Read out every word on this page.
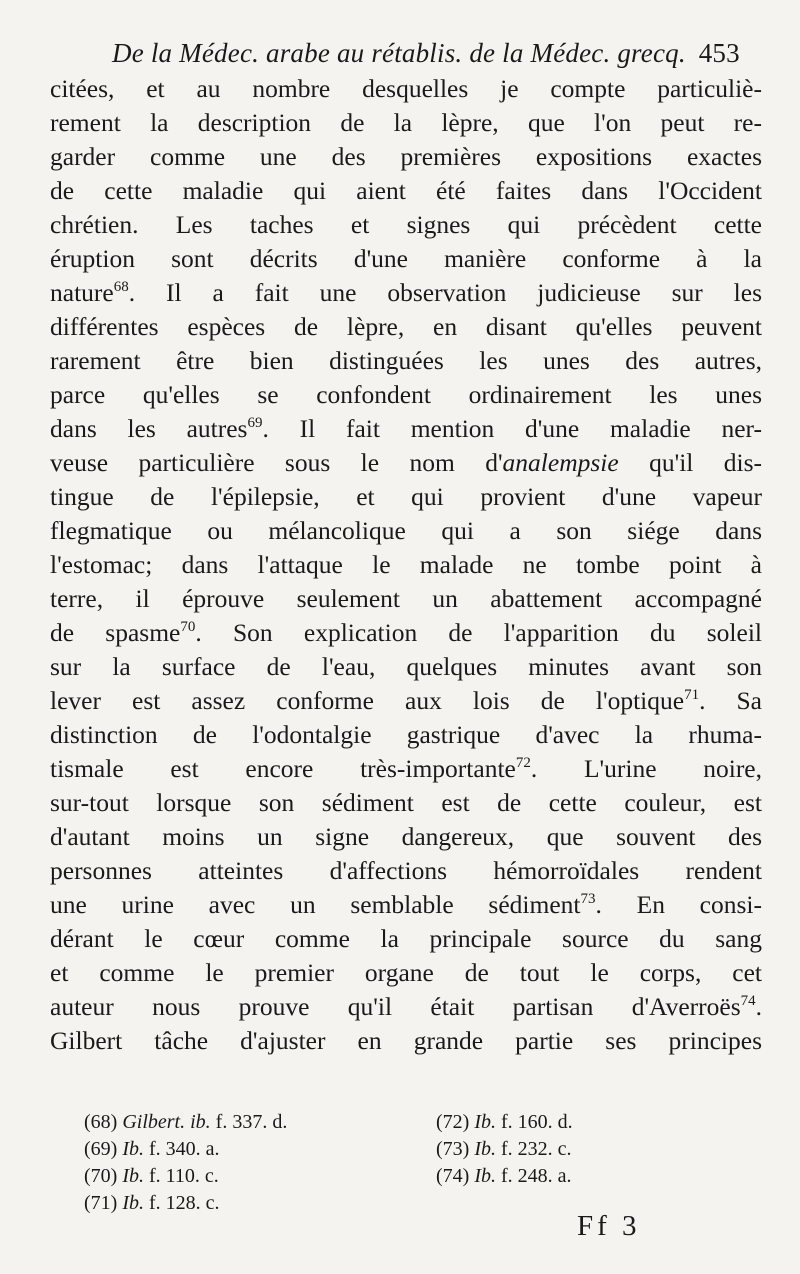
De la Médec. arabe au rétablis. de la Médec. grecq. 453
citées, et au nombre desquelles je compte particuliè-
rement la description de la lèpre, que l'on peut re-
garder comme une des premières expositions exactes
de cette maladie qui aient été faites dans l'Occident
chrétien. Les taches et signes qui précèdent cette
éruption sont décrits d'une manière conforme à la
nature$^{68}$. Il a fait une observation judicieuse sur les
différentes espèces de lèpre, en disant qu'elles peuvent
rarement être bien distinguées les unes des autres,
parce qu'elles se confondent ordinairement les unes
dans les autres$^{69}$. Il fait mention d'une maladie ner-
veuse particulière sous le nom d'analempsie qu'il dis-
tingue de l'épilepsie, et qui provient d'une vapeur
flegmatique ou mélancolique qui a son siége dans
l'estomac; dans l'attaque le malade ne tombe point à
terre, il éprouve seulement un abattement accompagné
de spasme$^{70}$. Son explication de l'apparition du soleil
sur la surface de l'eau, quelques minutes avant son
lever est assez conforme aux lois de l'optique$^{71}$. Sa
distinction de l'odontalgie gastrique d'avec la rhuma-
tismale est encore très-importante$^{72}$. L'urine noire,
sur-tout lorsque son sédiment est de cette couleur, est
d'autant moins un signe dangereux, que souvent des
personnes atteintes d'affections hémorroïdales rendent
une urine avec un semblable sédiment$^{73}$. En consi-
dérant le cœur comme la principale source du sang
et comme le premier organe de tout le corps, cet
auteur nous prouve qu'il était partisan d'Averroës$^{74}$.
Gilbert tâche d'ajuster en grande partie ses principes
(68) Gilbert. ib. f. 337. d.
(69) Ib. f. 340. a.
(70) Ib. f. 110. c.
(71) Ib. f. 128. c.
(72) Ib. f. 160. d.
(73) Ib. f. 232. c.
(74) Ib. f. 248. a.
Ff 3
